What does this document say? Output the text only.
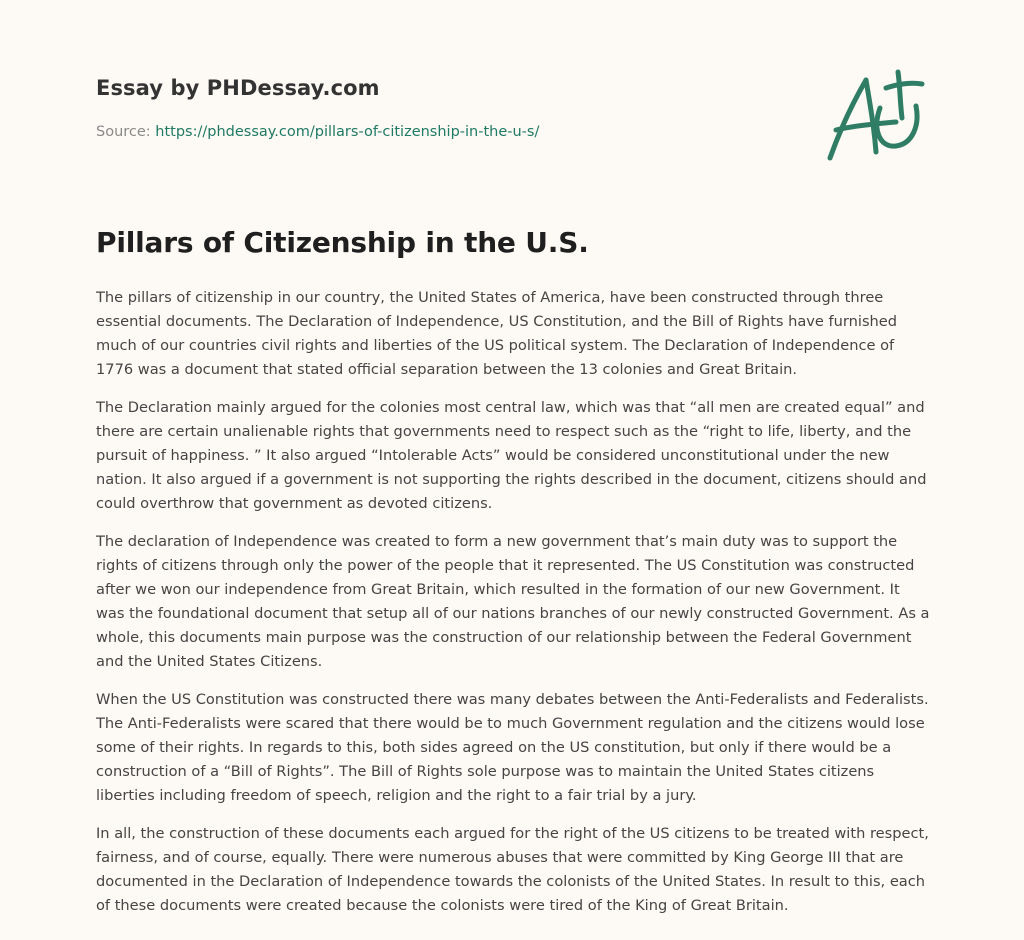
Essay by PHDessay.com
Source: https://phdessay.com/pillars-of-citizenship-in-the-u-s/
Pillars of Citizenship in the U.S.

The pillars of citizenship in our country, the United States of America, have been constructed through three essential documents. The Declaration of Independence, US Constitution, and the Bill of Rights have furnished much of our countries civil rights and liberties of the US political system. The Declaration of Independence of 1776 was a document that stated official separation between the 13 colonies and Great Britain.

The Declaration mainly argued for the colonies most central law, which was that “all men are created equal” and there are certain unalienable rights that governments need to respect such as the “right to life, liberty, and the pursuit of happiness. ” It also argued “Intolerable Acts” would be considered unconstitutional under the new nation. It also argued if a government is not supporting the rights described in the document, citizens should and could overthrow that government as devoted citizens.

The declaration of Independence was created to form a new government that’s main duty was to support the rights of citizens through only the power of the people that it represented. The US Constitution was constructed after we won our independence from Great Britain, which resulted in the formation of our new Government. It was the foundational document that setup all of our nations branches of our newly constructed Government. As a whole, this documents main purpose was the construction of our relationship between the Federal Government and the United States Citizens.

When the US Constitution was constructed there was many debates between the Anti-Federalists and Federalists. The Anti-Federalists were scared that there would be to much Government regulation and the citizens would lose some of their rights. In regards to this, both sides agreed on the US constitution, but only if there would be a construction of a “Bill of Rights”. The Bill of Rights sole purpose was to maintain the United States citizens liberties including freedom of speech, religion and the right to a fair trial by a jury.

In all, the construction of these documents each argued for the right of the US citizens to be treated with respect, fairness, and of course, equally. There were numerous abuses that were committed by King George III that are documented in the Declaration of Independence towards the colonists of the United States. In result to this, each of these documents were created because the colonists were tired of the King of Great Britain.
